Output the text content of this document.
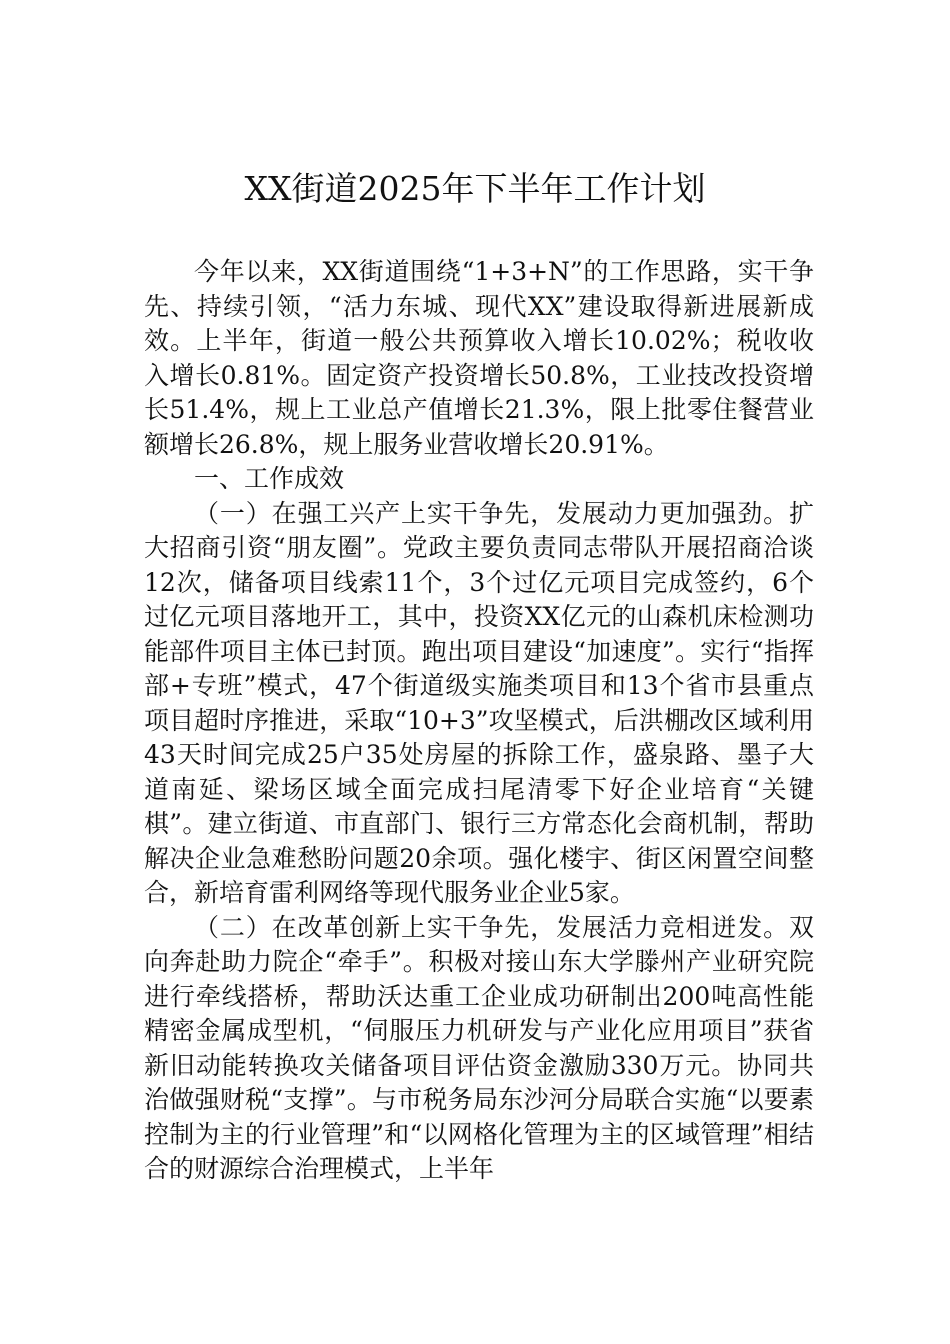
XX街道2025年下半年工作计划

今年以来，XX街道围绕“1+3+N”的工作思路，实干争先、持续引领，“活力东城、现代XX”建设取得新进展新成效。上半年，街道一般公共预算收入增长10.02%；税收收入增长0.81%。固定资产投资增长50.8%，工业技改投资增长51.4%，规上工业总产值增长21.3%，限上批零住餐营业额增长26.8%，规上服务业营收增长20.91%。

一、工作成效

（一）在强工兴产上实干争先，发展动力更加强劲。扩大招商引资“朋友圈”。党政主要负责同志带队开展招商洽谈12次，储备项目线索11个，3个过亿元项目完成签约，6个过亿元项目落地开工，其中，投资XX亿元的山森机床检测功能部件项目主体已封顶。跑出项目建设“加速度”。实行“指挥部+专班”模式，47个街道级实施类项目和13个省市县重点项目超时序推进，采取“10+3”攻坚模式，后洪棚改区域利用43天时间完成25户35处房屋的拆除工作，盛泉路、墨子大道南延、梁场区域全面完成扫尾清零下好企业培育“关键棋”。建立街道、市直部门、银行三方常态化会商机制，帮助解决企业急难愁盼问题20余项。强化楼宇、街区闲置空间整合，新培育雷利网络等现代服务业企业5家。

（二）在改革创新上实干争先，发展活力竞相迸发。双向奔赴助力院企“牵手”。积极对接山东大学滕州产业研究院进行牵线搭桥，帮助沃达重工企业成功研制出200吨高性能精密金属成型机，“伺服压力机研发与产业化应用项目”获省新旧动能转换攻关储备项目评估资金激励330万元。协同共治做强财税“支撑”。与市税务局东沙河分局联合实施“以要素控制为主的行业管理”和“以网格化管理为主的区域管理”相结合的财源综合治理模式，上半年
